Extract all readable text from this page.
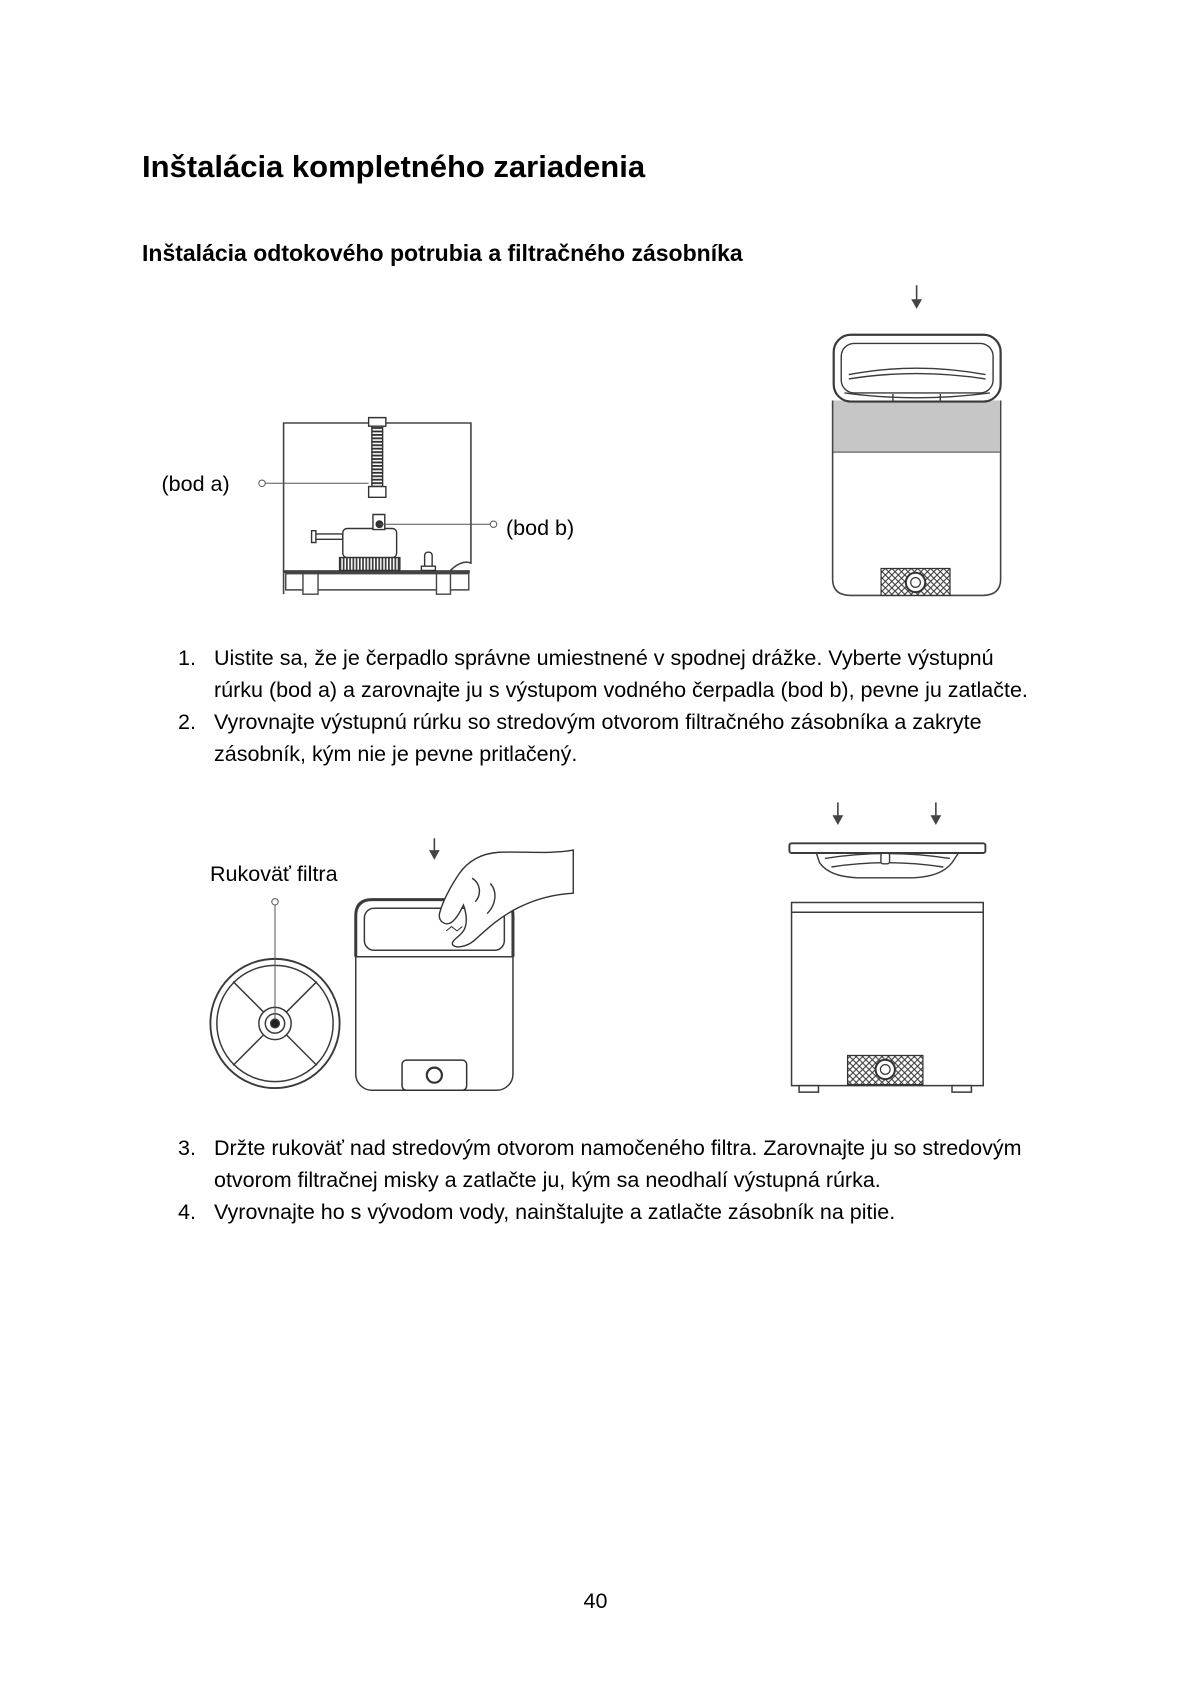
Inštalácia kompletného zariadenia
Inštalácia odtokového potrubia a filtračného zásobníka
(bod a)
(bod b)
1. Uistite sa, že je čerpadlo správne umiestnené v spodnej drážke. Vyberte výstupnú rúrku (bod a) a zarovnajte ju s výstupom vodného čerpadla (bod b), pevne ju zatlačte.
2. Vyrovnajte výstupnú rúrku so stredovým otvorom filtračného zásobníka a zakryte zásobník, kým nie je pevne pritlačený.
Rukoväť filtra
3. Držte rukoväť nad stredovým otvorom namočeného filtra. Zarovnajte ju so stredovým otvorom filtračnej misky a zatlačte ju, kým sa neodhalí výstupná rúrka.
4. Vyrovnajte ho s vývodom vody, nainštalujte a zatlačte zásobník na pitie.
40
